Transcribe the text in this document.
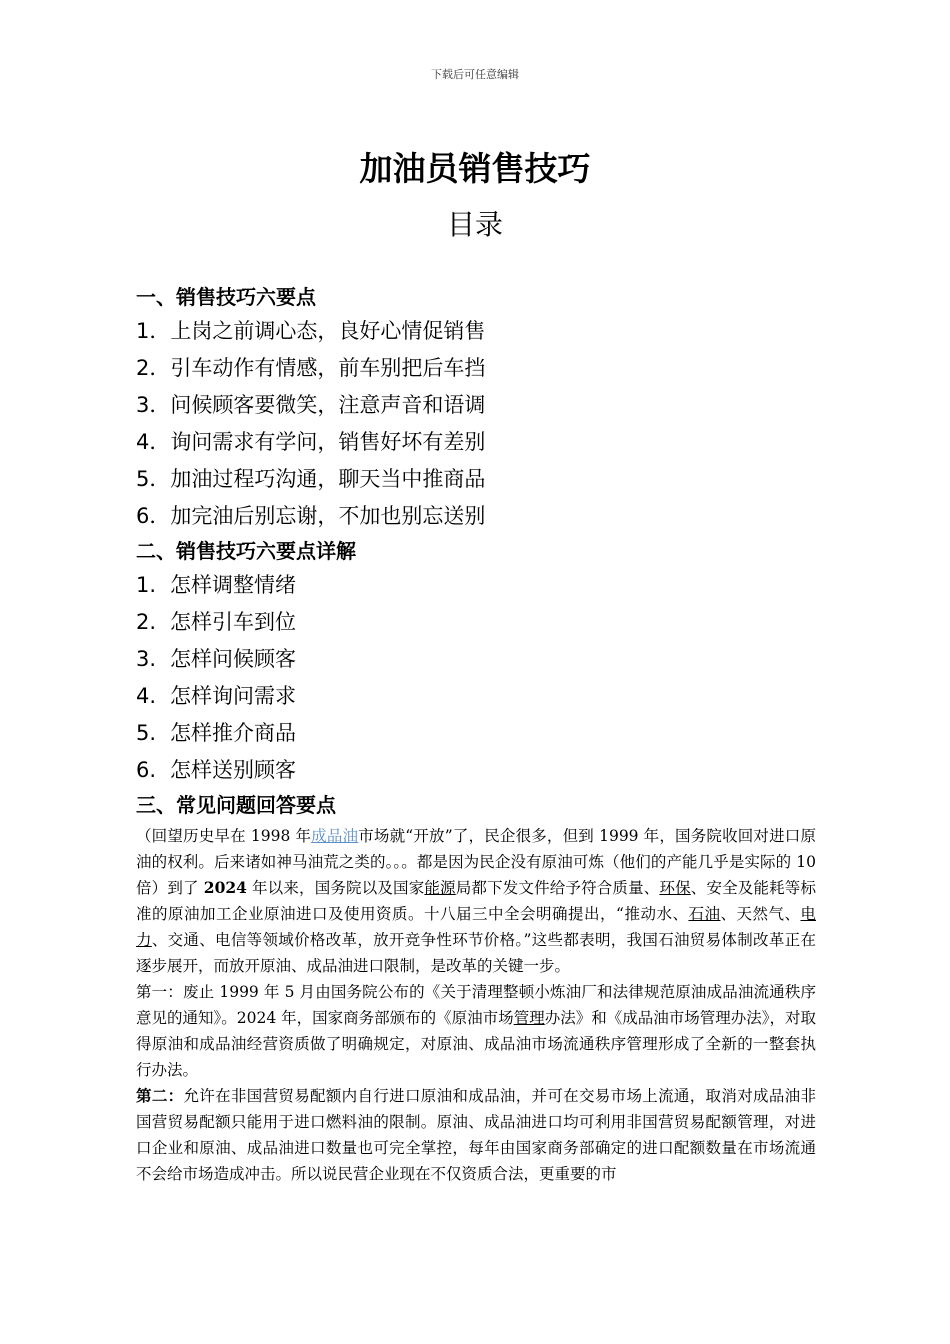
下载后可任意编辑
加油员销售技巧
目录
一、销售技巧六要点
1．上岗之前调心态，良好心情促销售
2．引车动作有情感，前车别把后车挡
3．问候顾客要微笑，注意声音和语调
4．询问需求有学问，销售好坏有差别
5．加油过程巧沟通，聊天当中推商品
6．加完油后别忘谢，不加也别忘送别
二、销售技巧六要点详解
1. 怎样调整情绪
2. 怎样引车到位
3. 怎样问候顾客
4. 怎样询问需求
5. 怎样推介商品
6. 怎样送别顾客
三、常见问题回答要点
（回望历史早在 1998 年成品油市场就“开放”了，民企很多，但到 1999 年，国务院收回对进口原油的权利。后来诸如神马油荒之类的。。。都是因为民企没有原油可炼（他们的产能几乎是实际的 10 倍）到了 2024 年以来，国务院以及国家能源局都下发文件给予符合质量、环保、安全及能耗等标准的原油加工企业原油进口及使用资质。十八届三中全会明确提出，“推动水、石油、天然气、电力、交通、电信等领域价格改革，放开竞争性环节价格。”这些都表明，我国石油贸易体制改革正在逐步展开，而放开原油、成品油进口限制，是改革的关键一步。
第一：废止 1999 年 5 月由国务院公布的《关于清理整顿小炼油厂和法律规范原油成品油流通秩序意见的通知》。2024 年，国家商务部颁布的《原油市场管理办法》和《成品油市场管理办法》，对取得原油和成品油经营资质做了明确规定，对原油、成品油市场流通秩序管理形成了全新的一整套执行办法。
第二：允许在非国营贸易配额内自行进口原油和成品油，并可在交易市场上流通，取消对成品油非国营贸易配额只能用于进口燃料油的限制。原油、成品油进口均可利用非国营贸易配额管理，对进口企业和原油、成品油进口数量也可完全掌控，每年由国家商务部确定的进口配额数量在市场流通不会给市场造成冲击。所以说民营企业现在不仅资质合法，更重要的市
